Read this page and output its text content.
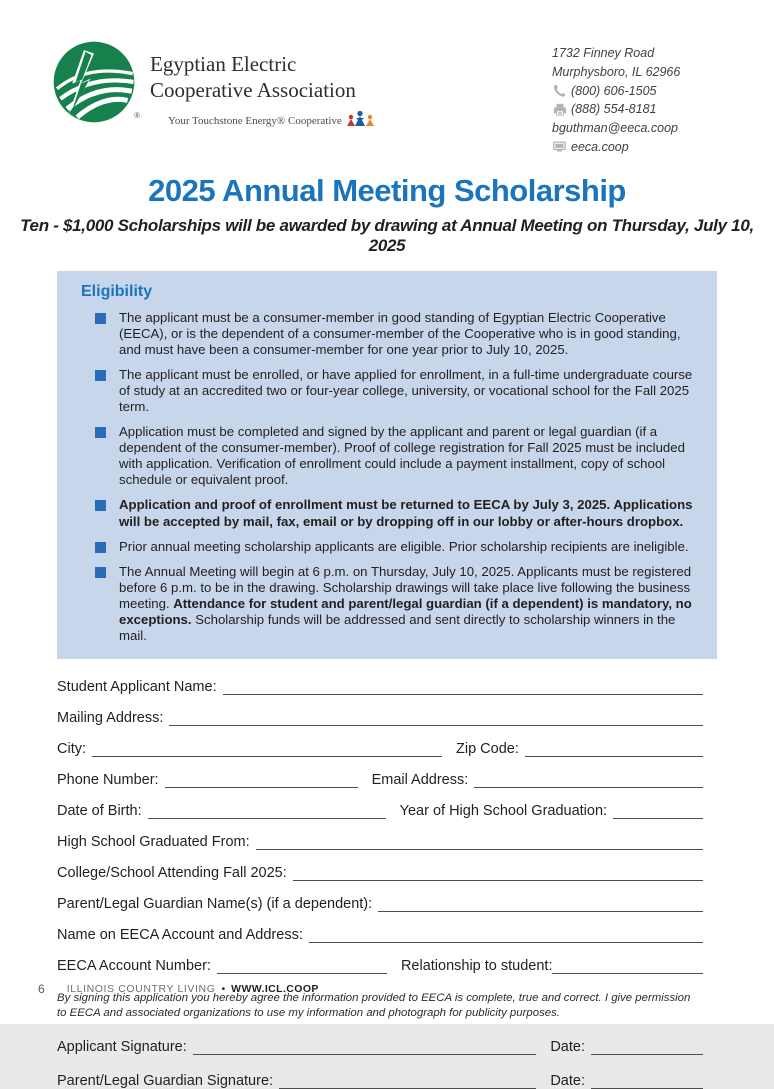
®
Egyptian Electric
Cooperative Association
Your Touchstone Energy® Cooperative
1732 Finney Road
Murphysboro, IL 62966
(800) 606-1505
(888) 554-8181
bguthman@eeca.coop
eeca.coop
2025 Annual Meeting Scholarship
Ten - $1,000 Scholarships will be awarded by drawing at Annual Meeting on Thursday, July 10, 2025
Eligibility
The applicant must be a consumer-member in good standing of Egyptian Electric Cooperative (EECA), or is the dependent of a consumer-member of the Cooperative who is in good standing, and must have been a consumer-member for one year prior to July 10, 2025.
The applicant must be enrolled, or have applied for enrollment, in a full-time undergraduate course of study at an accredited two or four-year college, university, or vocational school for the Fall 2025 term.
Application must be completed and signed by the applicant and parent or legal guardian (if a dependent of the consumer-member). Proof of college registration for Fall 2025 must be included with application. Verification of enrollment could include a payment installment, copy of school schedule or equivalent proof.
Application and proof of enrollment must be returned to EECA by July 3, 2025. Applications will be accepted by mail, fax, email or by dropping off in our lobby or after-hours dropbox.
Prior annual meeting scholarship applicants are eligible. Prior scholarship recipients are ineligible.
The Annual Meeting will begin at 6 p.m. on Thursday, July 10, 2025. Applicants must be registered before 6 p.m. to be in the drawing. Scholarship drawings will take place live following the business meeting. Attendance for student and parent/legal guardian (if a dependent) is mandatory, no exceptions. Scholarship funds will be addressed and sent directly to scholarship winners in the mail.
Student Applicant Name:
Mailing Address:
City:	Zip Code:
Phone Number:	Email Address:
Date of Birth:	Year of High School Graduation:
High School Graduated From:
College/School Attending Fall 2025:
Parent/Legal Guardian Name(s) (if a dependent):
Name on EECA Account and Address:
EECA Account Number:	Relationship to student:
By signing this application you hereby agree the information provided to EECA is complete, true and correct. I give permission to EECA and associated organizations to use my information and photograph for publicity purposes.
Applicant Signature:	Date:
Parent/Legal Guardian Signature:	Date:
6 ILLINOIS COUNTRY LIVING • WWW.ICL.COOP
